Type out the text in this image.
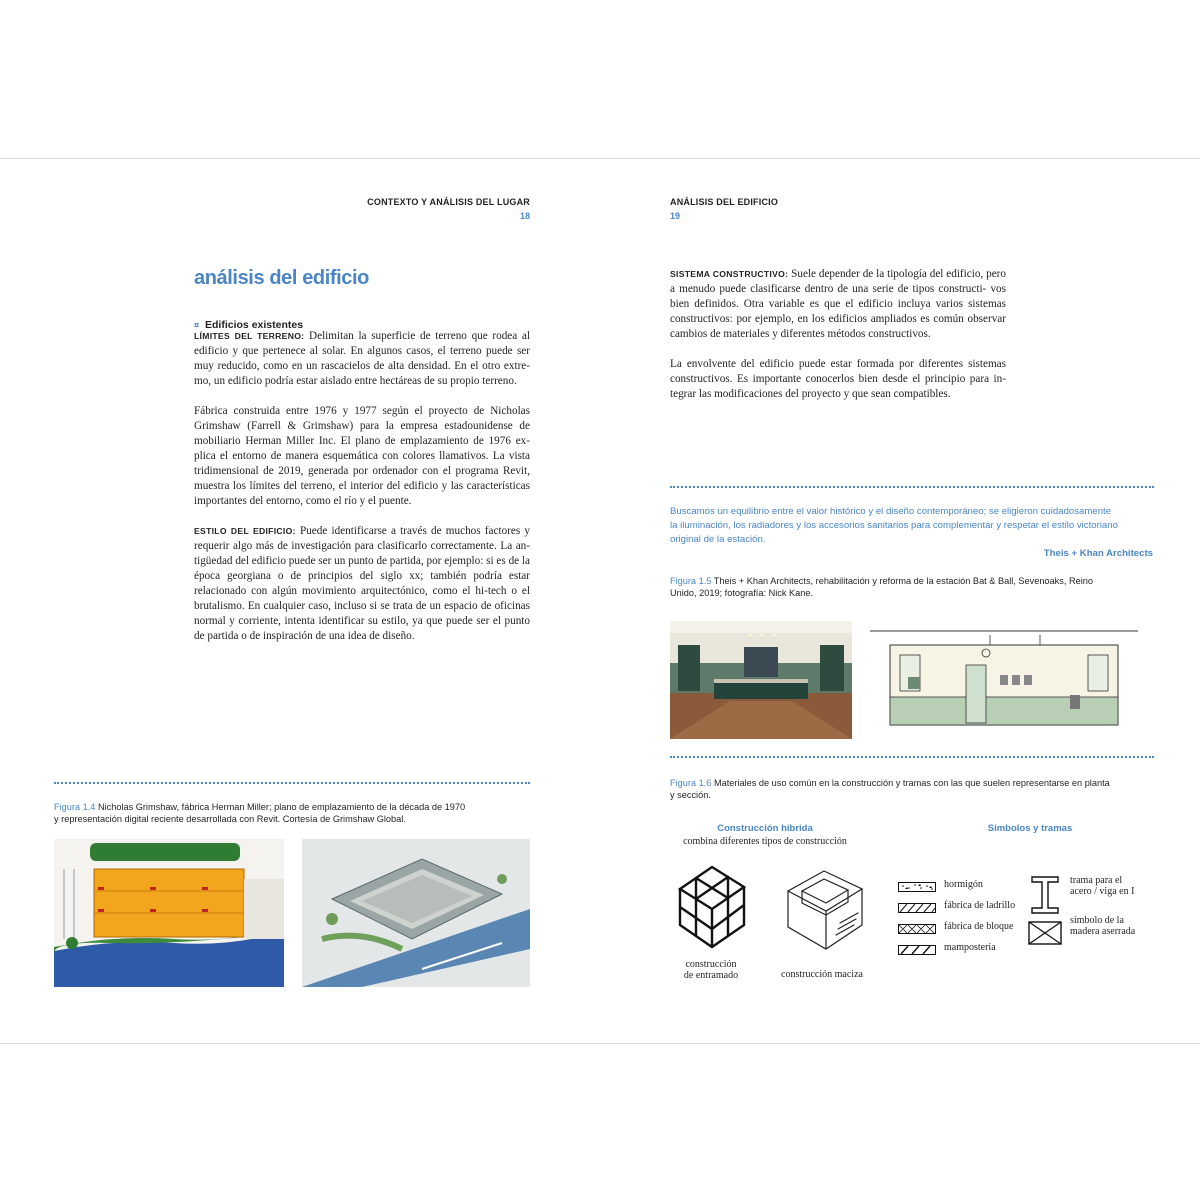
CONTEXTO Y ANÁLISIS DEL LUGAR
18
análisis del edificio
¤ Edificios existentes

LÍMITES DEL TERRENO: Delimitan la superficie de terreno que rodea al edificio y que pertenece al solar. En algunos casos, el terreno puede ser muy reducido, como en un rascacielos de alta densidad. En el otro extre- mo, un edificio podría estar aislado entre hectáreas de su propio terreno.

Fábrica construida entre 1976 y 1977 según el proyecto de Nicholas Grimshaw (Farrell & Grimshaw) para la empresa estadounidense de mobiliario Herman Miller Inc. El plano de emplazamiento de 1976 ex- plica el entorno de manera esquemática con colores llamativos. La vista tridimensional de 2019, generada por ordenador con el programa Revit, muestra los límites del terreno, el interior del edificio y las características importantes del entorno, como el río y el puente.

ESTILO DEL EDIFICIO: Puede identificarse a través de muchos factores y requerir algo más de investigación para clasificarlo correctamente. La an- tigüedad del edificio puede ser un punto de partida, por ejemplo: si es de la época georgiana o de principios del siglo xx; también podría estar relacionado con algún movimiento arquitectónico, como el hi-tech o el brutalismo. En cualquier caso, incluso si se trata de un espacio de oficinas normal y corriente, intenta identificar su estilo, ya que puede ser el punto de partida o de inspiración de una idea de diseño.

Figura 1.4 Nicholas Grimshaw, fábrica Herman Miller; plano de emplazamiento de la década de 1970
y representación digital reciente desarrollada con Revit. Cortesía de Grimshaw Global.
ANÁLISIS DEL EDIFICIO
19

SISTEMA CONSTRUCTIVO: Suele depender de la tipología del edificio, pero a menudo puede clasificarse dentro de una serie de tipos constructi- vos bien definidos. Otra variable es que el edificio incluya varios sistemas constructivos: por ejemplo, en los edificios ampliados es común observar cambios de materiales y diferentes métodos constructivos.

La envolvente del edificio puede estar formada por diferentes sistemas constructivos. Es importante conocerlos bien desde el principio para in- tegrar las modificaciones del proyecto y que sean compatibles.

Buscamos un equilibrio entre el valor histórico y el diseño contemporáneo; se eligieron cuidadosamente
la iluminación, los radiadores y los accesorios sanitarios para complementar y respetar el estilo victoriano
original de la estación.
Theis + Khan Architects
Figura 1.5 Theis + Khan Architects, rehabilitación y reforma de la estación Bat & Ball, Sevenoaks, Reino
Unido, 2019; fotografía: Nick Kane.
Figura 1.6 Materiales de uso común en la construcción y tramas con las que suelen representarse en planta
y sección.
Construcción híbrida
combina diferentes tipos de construcción
construcción
de entramado	construcción maciza
Símbolos y tramas
hormigón
fábrica de ladrillo
fábrica de bloque
mampostería
trama para el
acero / viga en I
símbolo de la
madera aserrada
